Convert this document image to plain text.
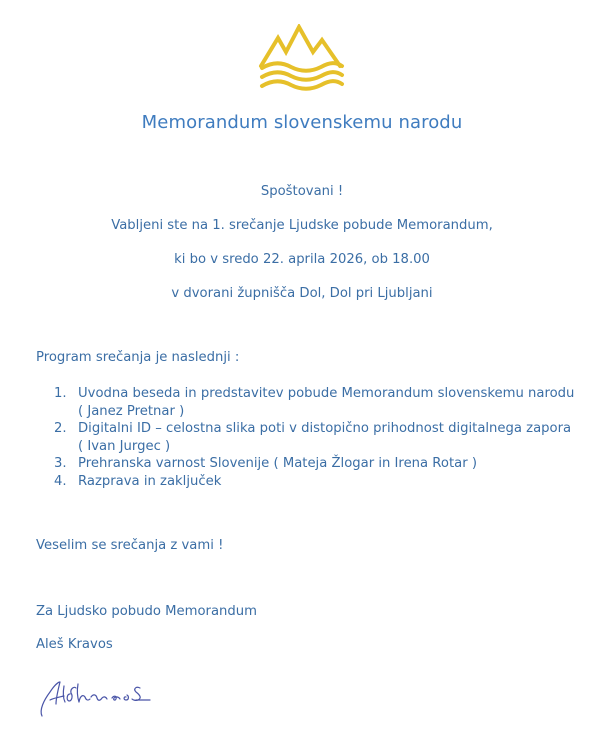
Memorandum slovenskemu narodu
Spoštovani !
Vabljeni ste na 1. srečanje Ljudske pobude Memorandum,
ki bo v sredo 22. aprila 2026, ob 18.00
v dvorani župnišča Dol, Dol pri Ljubljani
Program srečanja je naslednji :
1. Uvodna beseda in predstavitev pobude Memorandum slovenskemu narodu ( Janez Pretnar )
2. Digitalni ID – celostna slika poti v distopično prihodnost digitalnega zapora ( Ivan Jurgec )
3. Prehranska varnost Slovenije ( Mateja Žlogar in Irena Rotar )
4. Razprava in zaključek
Veselim se srečanja z vami !
Za Ljudsko pobudo Memorandum
Aleš Kravos
